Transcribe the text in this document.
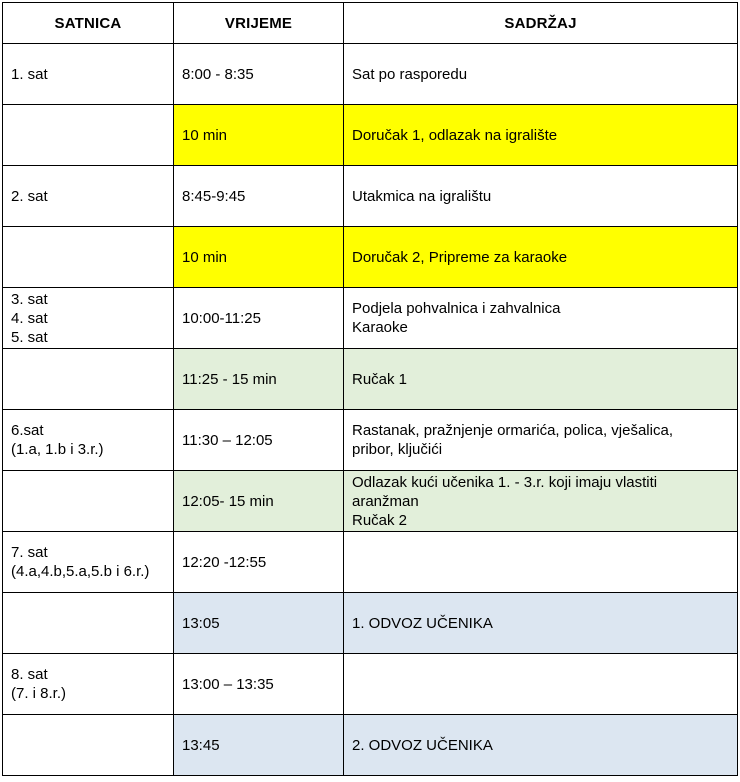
SATNICA	VRIJEME	SADRŽAJ

1. sat	8:00 - 8:35	Sat po rasporedu

	10 min	Doručak 1, odlazak na igralište

2. sat	8:45-9:45	Utakmica na igralištu

	10 min	Doručak 2, Pripreme za karaoke

3. sat
4. sat
5. sat	10:00-11:25	Podjela pohvalnica i zahvalnica
Karaoke

	11:25 - 15 min	Ručak 1

6.sat
(1.a, 1.b i 3.r.)	11:30 – 12:05	Rastanak, pražnjenje ormarića, polica, vješalica,
pribor, ključići

	12:05- 15 min	Odlazak kući učenika 1. - 3.r. koji imaju vlastiti
aranžman
Ručak 2

7. sat
(4.a,4.b,5.a,5.b i 6.r.)	12:20 -12:55	

	13:05	1. ODVOZ UČENIKA

8. sat
(7. i 8.r.)	13:00 – 13:35	

	13:45	2. ODVOZ UČENIKA
